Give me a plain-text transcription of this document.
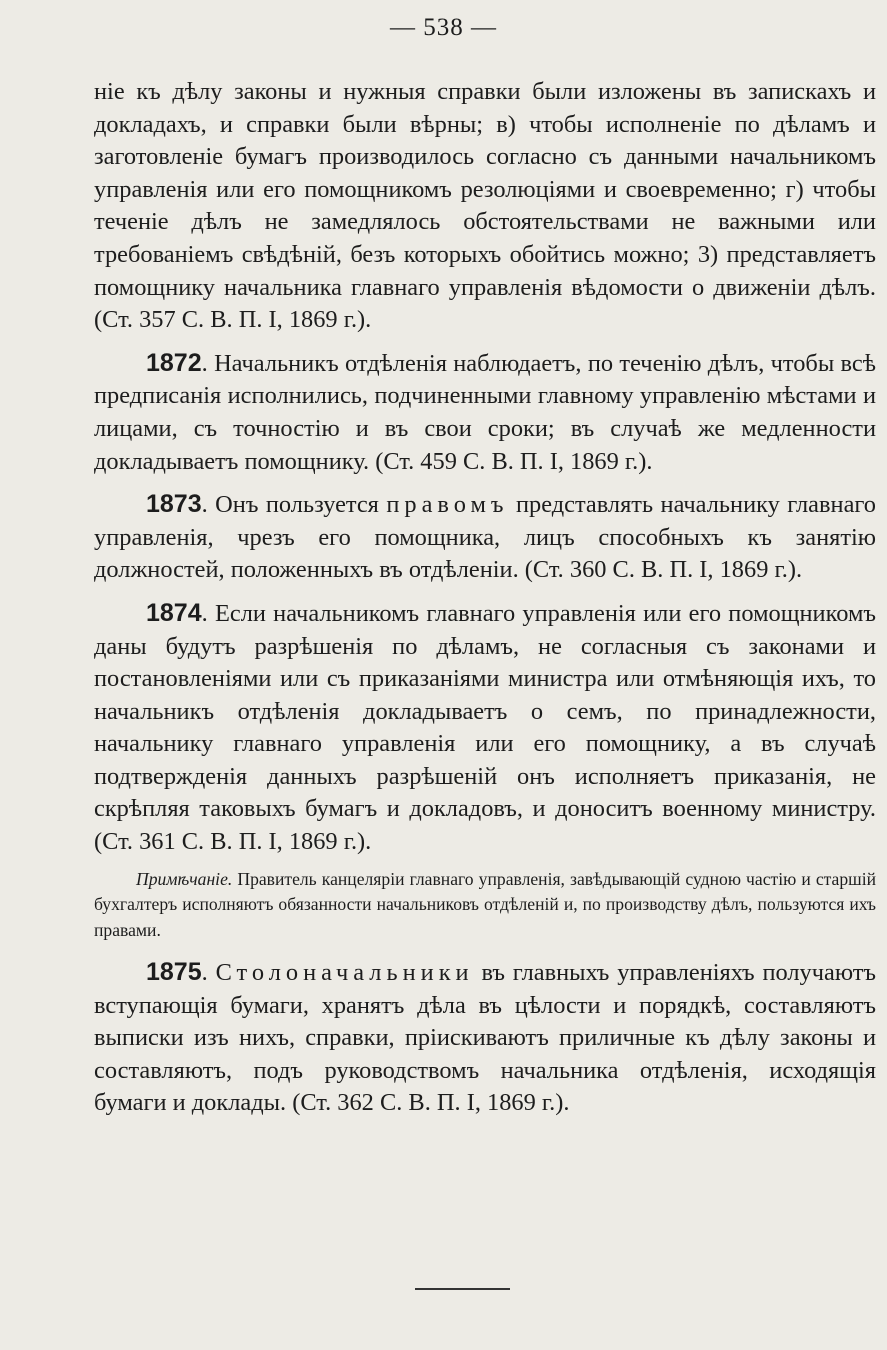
— 538 —

ніе къ дѣлу законы и нужныя справки были изложены въ запискахъ и докладахъ, и справки были вѣрны; в) чтобы исполненіе по дѣламъ и заготовленіе бумагъ производилось согласно съ данными начальникомъ управленія или его помощникомъ резолюціями и своевременно; г) чтобы теченіе дѣлъ не замедлялось обстоятельствами не важными или требованіемъ свѣдѣній, безъ которыхъ обойтись можно; 3) представляетъ помощнику начальника главнаго управленія вѣдомости о движеніи дѣлъ. (Ст. 357 С. В. П. I, 1869 г.).

1872. Начальникъ отдѣленія наблюдаетъ, по теченію дѣлъ, чтобы всѣ предписанія исполнились, подчиненными главному управленію мѣстами и лицами, съ точностію и въ свои сроки; въ случаѣ же медленности докладываетъ помощнику. (Ст. 459 С. В. П. I, 1869 г.).

1873. Онъ пользуется правомъ представлять начальнику главнаго управленія, чрезъ его помощника, лицъ способныхъ къ занятію должностей, положенныхъ въ отдѣленіи. (Ст. 360 С. В. П. I, 1869 г.).

1874. Если начальникомъ главнаго управленія или его помощникомъ даны будутъ разрѣшенія по дѣламъ, не согласныя съ законами и постановленіями или съ приказаніями министра или отмѣняющія ихъ, то начальникъ отдѣленія докладываетъ о семъ, по принадлежности, начальнику главнаго управленія или его помощнику, а въ случаѣ подтвержденія данныхъ разрѣшеній онъ исполняетъ приказанія, не скрѣпляя таковыхъ бумагъ и докладовъ, и доноситъ военному министру. (Ст. 361 С. В. П. I, 1869 г.).

Примѣчаніе. Правитель канцеляріи главнаго управленія, завѣдывающій судною частію и старшій бухгалтеръ исполняютъ обязанности начальниковъ отдѣленій и, по производству дѣлъ, пользуются ихъ правами.

1875. Столоначальники въ главныхъ управленіяхъ получаютъ вступающія бумаги, хранятъ дѣла въ цѣлости и порядкѣ, составляютъ выписки изъ нихъ, справки, пріискиваютъ приличные къ дѣлу законы и составляютъ, подъ руководствомъ начальника отдѣленія, исходящія бумаги и доклады. (Ст. 362 С. В. П. I, 1869 г.).
